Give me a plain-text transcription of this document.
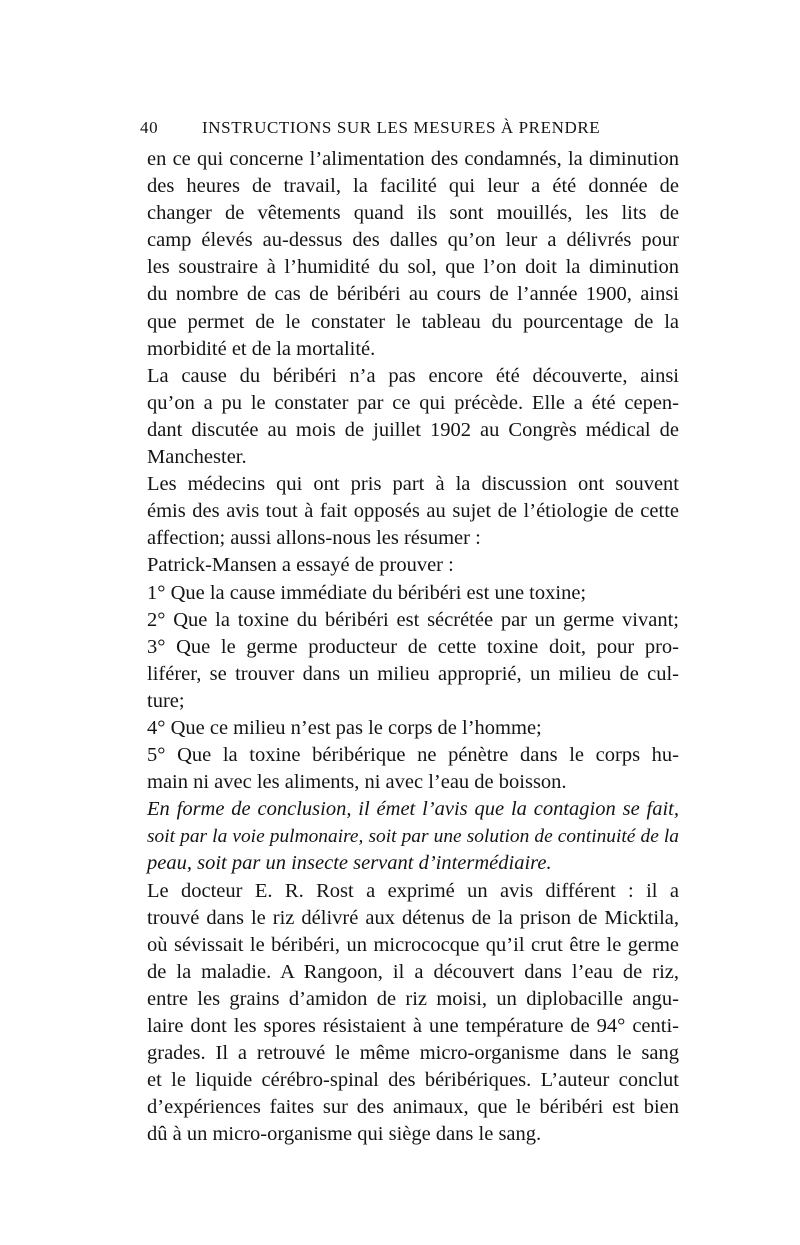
40	INSTRUCTIONS SUR LES MESURES À PRENDRE
en ce qui concerne l’alimentation des condamnés, la diminution
des heures de travail, la facilité qui leur a été donnée de
changer de vêtements quand ils sont mouillés, les lits de
camp élevés au-dessus des dalles qu’on leur a délivrés pour
les soustraire à l’humidité du sol, que l’on doit la diminution
du nombre de cas de béribéri au cours de l’année 1900, ainsi
que permet de le constater le tableau du pourcentage de la
morbidité et de la mortalité.
La cause du béribéri n’a pas encore été découverte, ainsi
qu’on a pu le constater par ce qui précède. Elle a été cepen-
dant discutée au mois de juillet 1902 au Congrès médical de
Manchester.
Les médecins qui ont pris part à la discussion ont souvent
émis des avis tout à fait opposés au sujet de l’étiologie de cette
affection; aussi allons-nous les résumer :
Patrick-Mansen a essayé de prouver :
1° Que la cause immédiate du béribéri est une toxine;
2° Que la toxine du béribéri est sécrétée par un germe vivant;
3° Que le germe producteur de cette toxine doit, pour pro-
liférer, se trouver dans un milieu approprié, un milieu de cul-
ture;
4° Que ce milieu n’est pas le corps de l’homme;
5° Que la toxine béribérique ne pénètre dans le corps hu-
main ni avec les aliments, ni avec l’eau de boisson.
En forme de conclusion, il émet l’avis que la contagion se fait,
soit par la voie pulmonaire, soit par une solution de continuité de la
peau, soit par un insecte servant d’intermédiaire.
Le docteur E. R. Rost a exprimé un avis différent : il a
trouvé dans le riz délivré aux détenus de la prison de Micktila,
où sévissait le béribéri, un micrococque qu’il crut être le germe
de la maladie. A Rangoon, il a découvert dans l’eau de riz,
entre les grains d’amidon de riz moisi, un diplobacille angu-
laire dont les spores résistaient à une température de 94° centi-
grades. Il a retrouvé le même micro-organisme dans le sang
et le liquide cérébro-spinal des béribériques. L’auteur conclut
d’expériences faites sur des animaux, que le béribéri est bien
dû à un micro-organisme qui siège dans le sang.
